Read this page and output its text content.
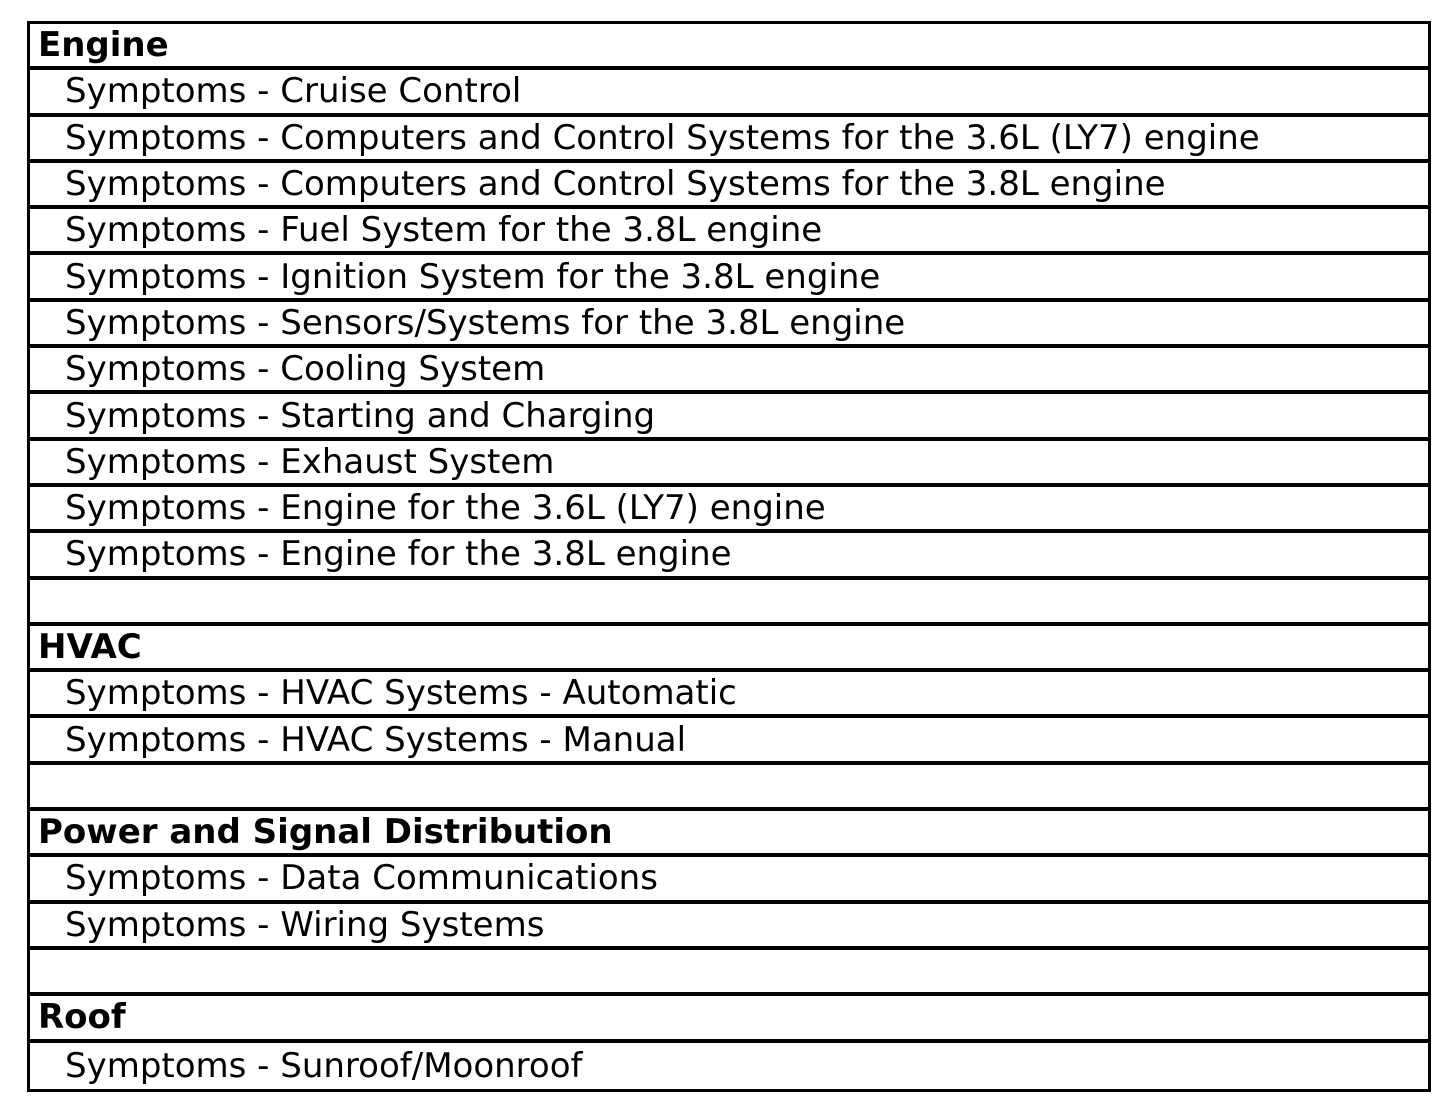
Engine
Symptoms - Cruise Control
Symptoms - Computers and Control Systems for the 3.6L (LY7) engine
Symptoms - Computers and Control Systems for the 3.8L engine
Symptoms - Fuel System for the 3.8L engine
Symptoms - Ignition System for the 3.8L engine
Symptoms - Sensors/Systems for the 3.8L engine
Symptoms - Cooling System
Symptoms - Starting and Charging
Symptoms - Exhaust System
Symptoms - Engine for the 3.6L (LY7) engine
Symptoms - Engine for the 3.8L engine
HVAC
Symptoms - HVAC Systems - Automatic
Symptoms - HVAC Systems - Manual
Power and Signal Distribution
Symptoms - Data Communications
Symptoms - Wiring Systems
Roof
Symptoms - Sunroof/Moonroof
